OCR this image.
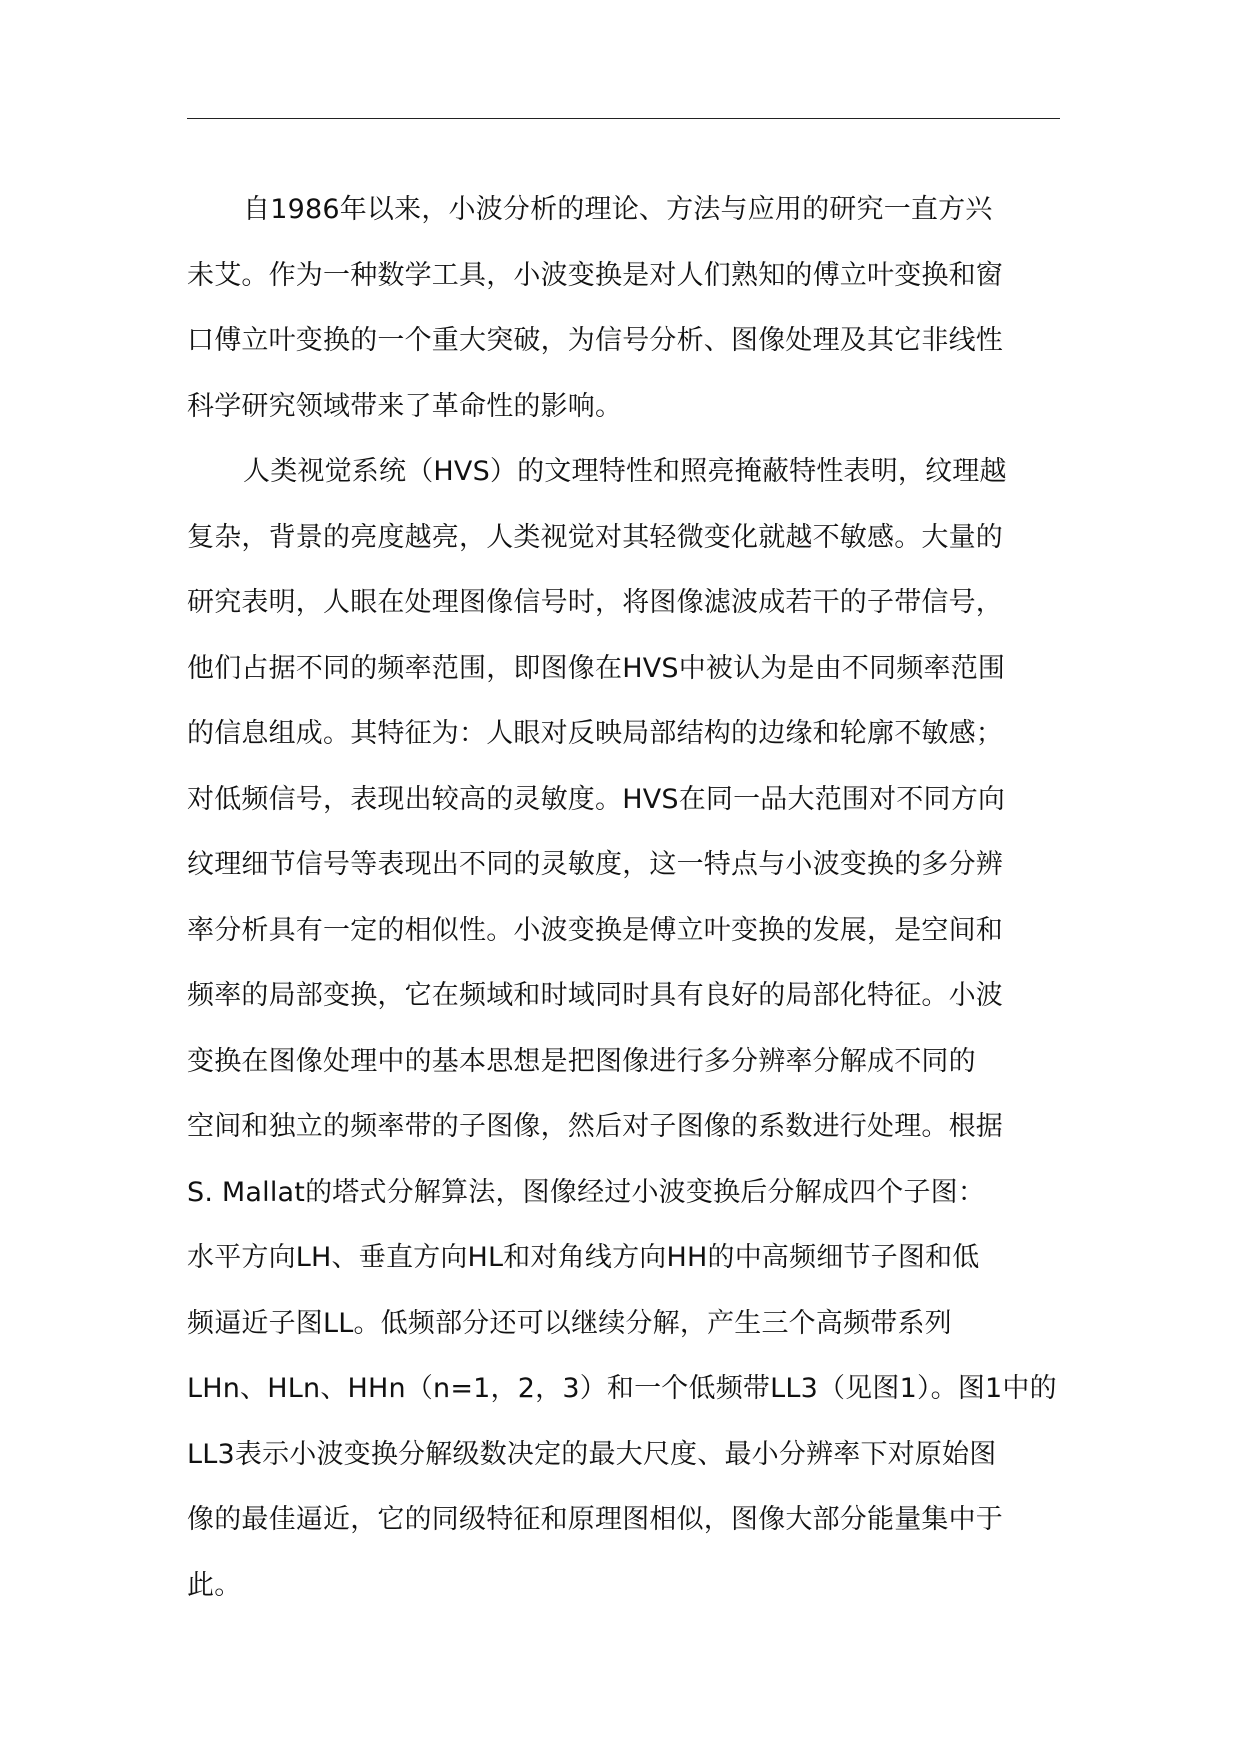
自1986年以来，小波分析的理论、方法与应用的研究一直方兴
未艾。作为一种数学工具，小波变换是对人们熟知的傅立叶变换和窗
口傅立叶变换的一个重大突破，为信号分析、图像处理及其它非线性
科学研究领域带来了革命性的影响。
人类视觉系统（HVS）的文理特性和照亮掩蔽特性表明，纹理越
复杂，背景的亮度越亮，人类视觉对其轻微变化就越不敏感。大量的
研究表明，人眼在处理图像信号时，将图像滤波成若干的子带信号，
他们占据不同的频率范围，即图像在HVS中被认为是由不同频率范围
的信息组成。其特征为：人眼对反映局部结构的边缘和轮廓不敏感；
对低频信号，表现出较高的灵敏度。HVS在同一品大范围对不同方向
纹理细节信号等表现出不同的灵敏度，这一特点与小波变换的多分辨
率分析具有一定的相似性。小波变换是傅立叶变换的发展，是空间和
频率的局部变换，它在频域和时域同时具有良好的局部化特征。小波
变换在图像处理中的基本思想是把图像进行多分辨率分解成不同的
空间和独立的频率带的子图像，然后对子图像的系数进行处理。根据
S. Mallat的塔式分解算法，图像经过小波变换后分解成四个子图：
水平方向LH、垂直方向HL和对角线方向HH的中高频细节子图和低
频逼近子图LL。低频部分还可以继续分解，产生三个高频带系列
LHn、HLn、HHn（n=1，2，3）和一个低频带LL3（见图1）。图1中的
LL3表示小波变换分解级数决定的最大尺度、最小分辨率下对原始图
像的最佳逼近，它的同级特征和原理图相似，图像大部分能量集中于
此。
